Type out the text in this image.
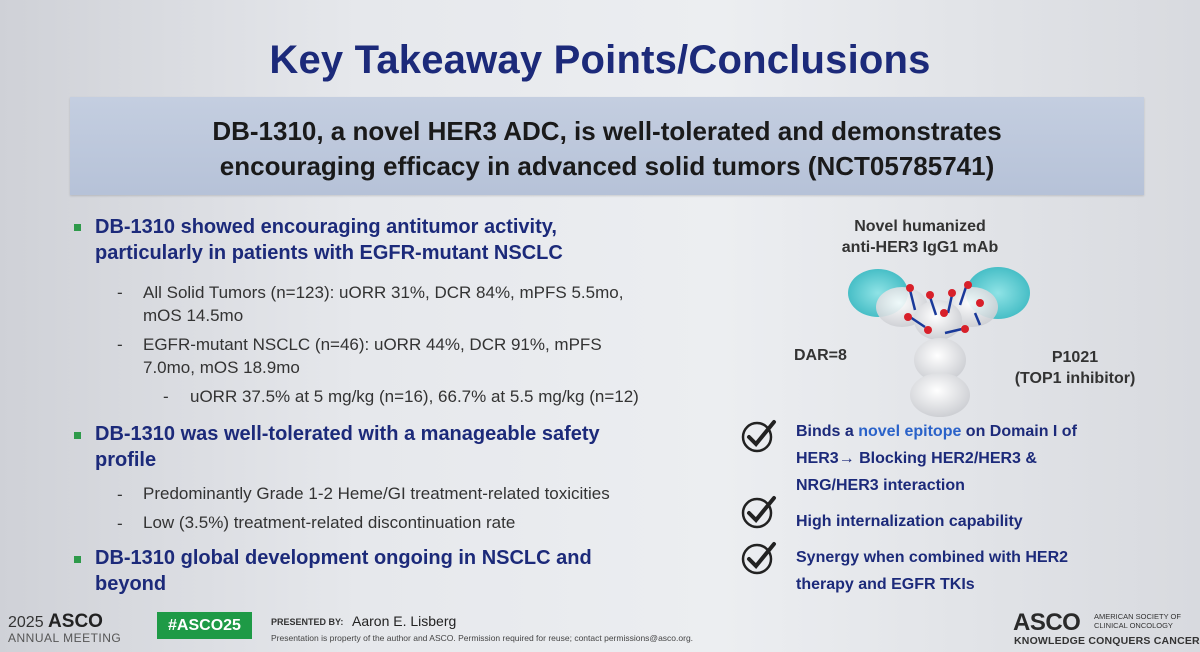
Key Takeaway Points/Conclusions
DB-1310, a novel HER3 ADC, is well-tolerated and demonstrates
encouraging efficacy in advanced solid tumors (NCT05785741)
DB-1310 showed encouraging antitumor activity,
particularly in patients with EGFR-mutant NSCLC
- All Solid Tumors (n=123): uORR 31%, DCR 84%, mPFS 5.5mo,
mOS 14.5mo
- EGFR-mutant NSCLC (n=46): uORR 44%, DCR 91%, mPFS
7.0mo, mOS 18.9mo
- uORR 37.5% at 5 mg/kg (n=16), 66.7% at 5.5 mg/kg (n=12)
DB-1310 was well-tolerated with a manageable safety
profile
- Predominantly Grade 1-2 Heme/GI treatment-related toxicities
- Low (3.5%) treatment-related discontinuation rate
DB-1310 global development ongoing in NSCLC and
beyond
Novel humanized
anti-HER3 IgG1 mAb
DAR=8	P1021
(TOP1 inhibitor)
Binds a novel epitope on Domain I of
HER3→ Blocking HER2/HER3 &
NRG/HER3 interaction
High internalization capability
Synergy when combined with HER2
therapy and EGFR TKIs
2025 ASCO
ANNUAL MEETING
#ASCO25	PRESENTED BY: Aaron E. Lisberg
Presentation is property of the author and ASCO. Permission required for reuse; contact permissions@asco.org.
ASCO AMERICAN SOCIETY OF
CLINICAL ONCOLOGY
KNOWLEDGE CONQUERS CANCER
